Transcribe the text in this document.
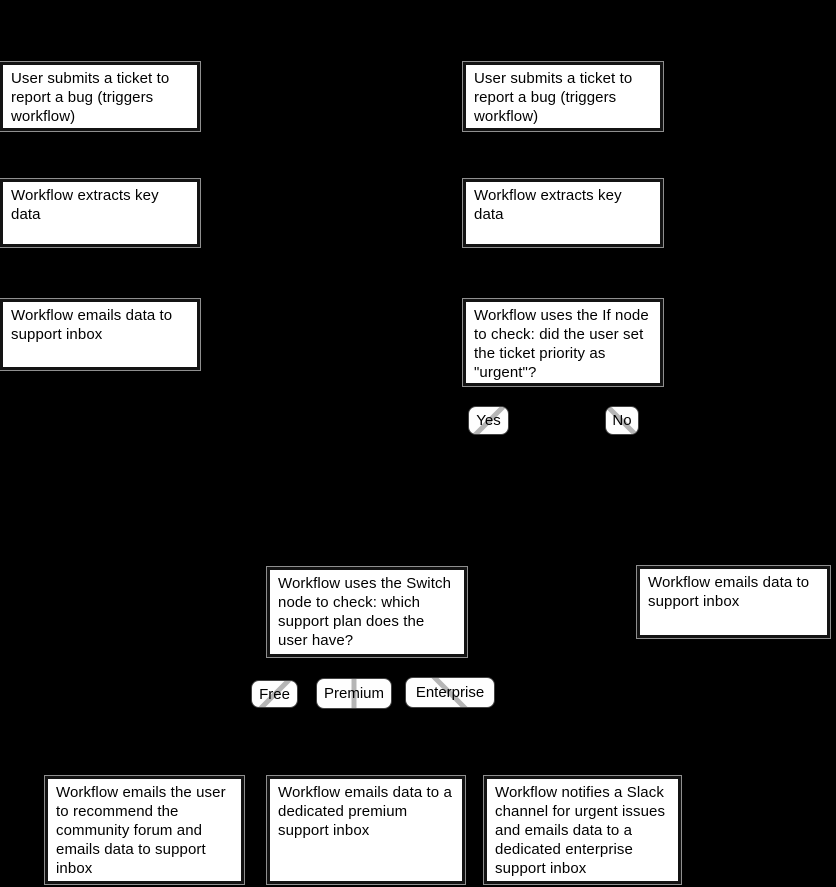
User submits a ticket to report a bug (triggers workflow)
Workflow extracts key data
Workflow emails data to support inbox
User submits a ticket to report a bug (triggers workflow)
Workflow extracts key data
Workflow uses the If node to check: did the user set the ticket priority as "urgent"?
Yes	No
Workflow uses the Switch node to check: which support plan does the user have?
Workflow emails data to support inbox
Free Premium Enterprise
Workflow emails the user to recommend the community forum and emails data to support inbox
Workflow emails data to a dedicated premium support inbox
Workflow notifies a Slack channel for urgent issues and emails data to a dedicated enterprise support inbox
